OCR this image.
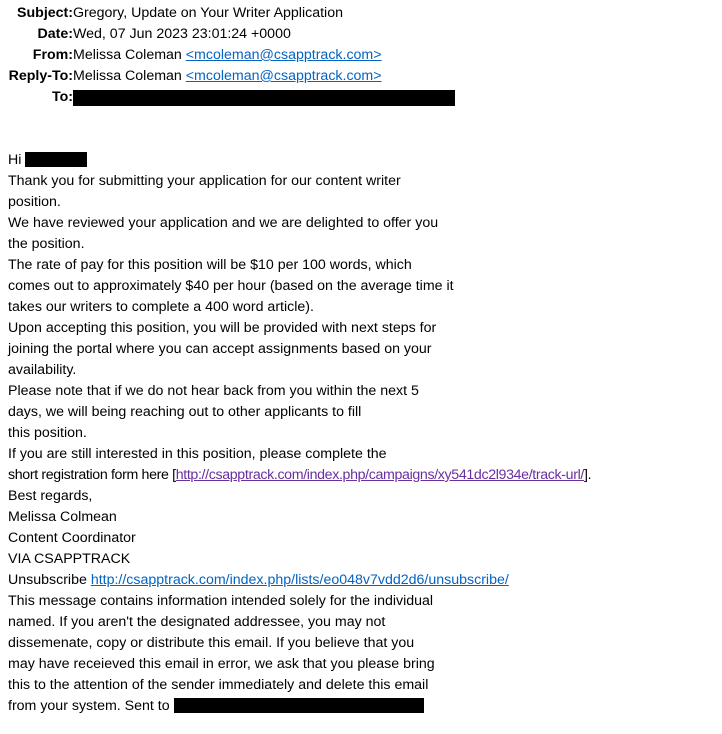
Subject: Gregory, Update on Your Writer Application
Date: Wed, 07 Jun 2023 23:01:24 +0000
From: Melissa Coleman <mcoleman@csapptrack.com>
Reply-To: Melissa Coleman <mcoleman@csapptrack.com>
To:
Hi
Thank you for submitting your application for our content writer
position.
We have reviewed your application and we are delighted to offer you
the position.
The rate of pay for this position will be $10 per 100 words, which
comes out to approximately $40 per hour (based on the average time it
takes our writers to complete a 400 word article).
Upon accepting this position, you will be provided with next steps for
joining the portal where you can accept assignments based on your
availability.
Please note that if we do not hear back from you within the next 5
days, we will being reaching out to other applicants to fill
this position.
If you are still interested in this position, please complete the
short registration form here [http://csapptrack.com/index.php/campaigns/xy541dc2l934e/track-url/].
Best regards,
Melissa Colmean
Content Coordinator
VIA CSAPPTRACK
Unsubscribe http://csapptrack.com/index.php/lists/eo048v7vdd2d6/unsubscribe/
This message contains information intended solely for the individual
named. If you aren't the designated addressee, you may not
dissemenate, copy or distribute this email. If you believe that you
may have receieved this email in error, we ask that you please bring
this to the attention of the sender immediately and delete this email
from your system. Sent to
